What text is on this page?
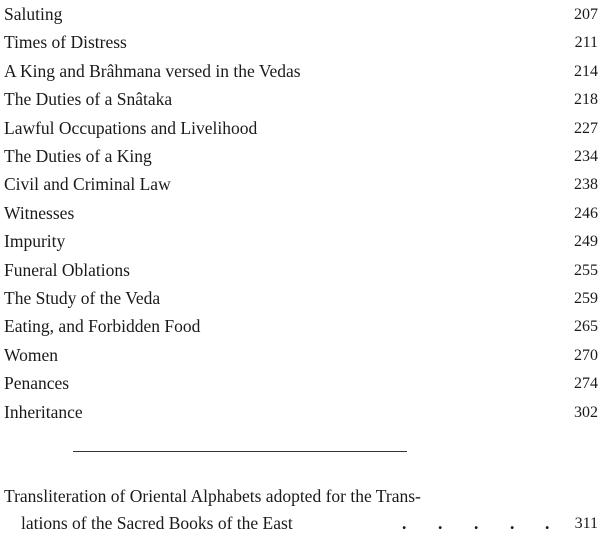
Saluting	207
Times of Distress	211
A King and Brâhmana versed in the Vedas	214
The Duties of a Snâtaka	218
Lawful Occupations and Livelihood	227
The Duties of a King	234
Civil and Criminal Law	238
Witnesses	246
Impurity	249
Funeral Oblations	255
The Study of the Veda	259
Eating, and Forbidden Food	265
Women	270
Penances	274
Inheritance	302
Transliteration of Oriental Alphabets adopted for the Trans-
lations of the Sacred Books of the East	. . . . . 311
